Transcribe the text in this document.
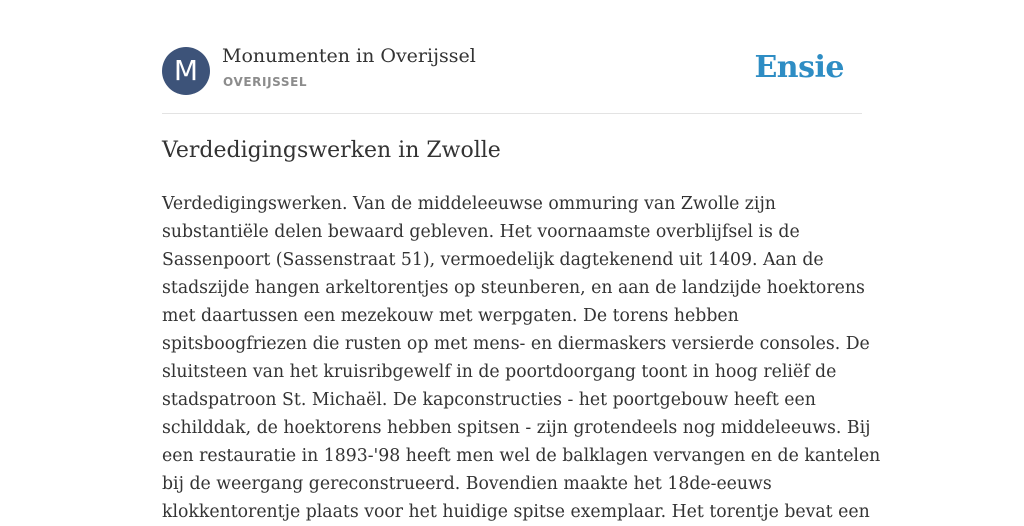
M	Monumenten in Overijssel
OVERIJSSEL	Ensie
Verdedigingswerken in Zwolle

Verdedigingswerken. Van de middeleeuwse ommuring van Zwolle zijn
substantiële delen bewaard gebleven. Het voornaamste overblijfsel is de
Sassenpoort (Sassenstraat 51), vermoedelijk dagtekenend uit 1409. Aan de
stadszijde hangen arkeltorentjes op steunberen, en aan de landzijde hoektorens
met daartussen een mezekouw met werpgaten. De torens hebben
spitsboogfriezen die rusten op met mens- en diermaskers versierde consoles. De
sluitsteen van het kruisribgewelf in de poortdoorgang toont in hoog reliëf de
stadspatroon St. Michaël. De kapconstructies - het poortgebouw heeft een
schilddak, de hoektorens hebben spitsen - zijn grotendeels nog middeleeuws. Bij
een restauratie in 1893-'98 heeft men wel de balklagen vervangen en de kantelen
bij de weergang gereconstrueerd. Bovendien maakte het 18de-eeuws
klokkentorentje plaats voor het huidige spitse exemplaar. Het torentje bevat een
